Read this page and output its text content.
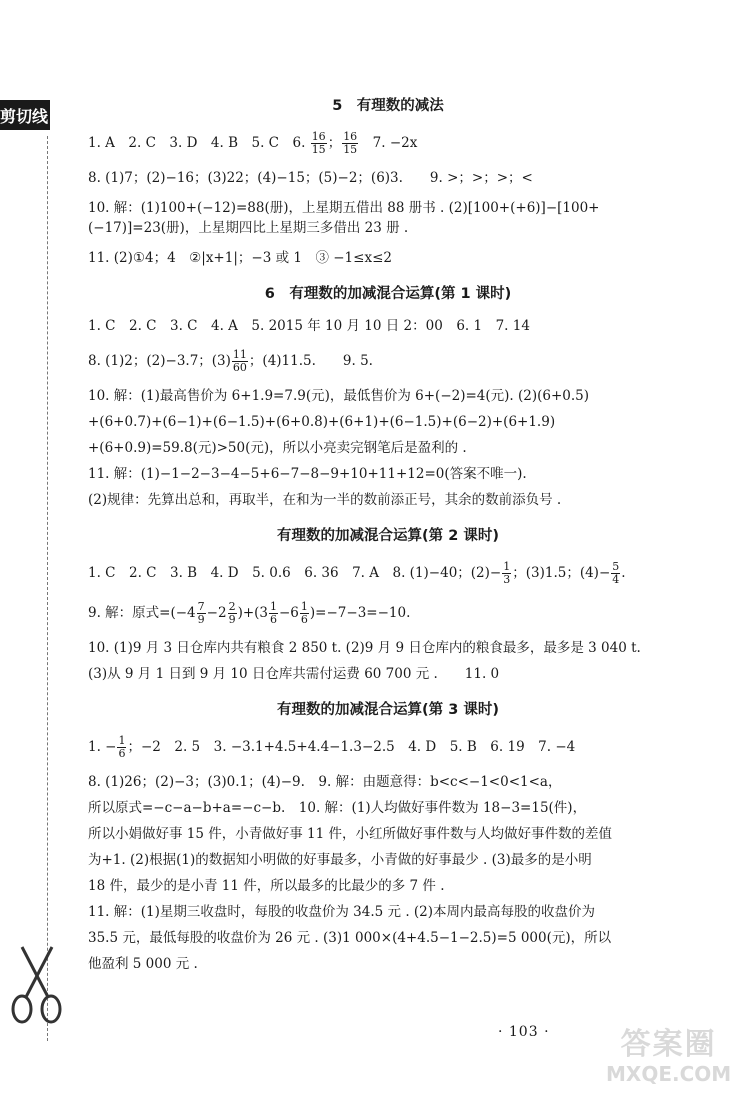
剪切线

5　有理数的减法

1. A　2. C　3. D　4. B　5. C　6. $\frac{16}{15}$ ； $\frac{16}{15}$ 　7. −2x

8. (1)7；(2)−16；(3)22；(4)−15；(5)−2；(6)3.　　9. >；>；>；<

10. 解：(1)100+(−12)=88(册)，上星期五借出 88 册书 . (2)[100+(+6)]−[100+

(−17)]=23(册)，上星期四比上星期三多借出 23 册 .

11. (2)①4；4　②|x+1|；−3 或 1　③ −1≤x≤2

6　有理数的加减混合运算(第 1 课时)

1. C　2. C　3. C　4. A　5. 2015 年 10 月 10 日 2：00　6. 1　7. 14

8. (1)2；(2)−3.7；$(3) \frac{11}{60}$ ；(4)11.5.　　9. 5.

10. 解：(1)最高售价为 6+1.9=7.9(元)，最低售价为 6+(−2)=4(元). (2)(6+0.5)

+(6+0.7)+(6−1)+(6−1.5)+(6+0.8)+(6+1)+(6−1.5)+(6−2)+(6+1.9)

+(6+0.9)=59.8(元)>50(元)，所以小亮卖完钢笔后是盈利的 .

11. 解：(1)−1−2−3−4−5+6−7−8−9+10+11+12=0(答案不唯一).

(2)规律：先算出总和，再取半，在和为一半的数前添正号，其余的数前添负号 .

有理数的加减混合运算(第 2 课时)

1. C　2. C　3. B　4. D　5. 0.6　6. 36　7. A　8. (1)−40；$(2)- \frac{1}{3}$ ；(3)1.5；$(4)- \frac{5}{4}$ .

9. 解：原式$=(-4 \frac{7}{9} -2 \frac{2}{9} )+(3 \frac{1}{6} -6 \frac{1}{6} )=-7-3=-10$.

10. (1)9 月 3 日仓库内共有粮食 2 850 t. (2)9 月 9 日仓库内的粮食最多，最多是 3 040 t.

(3)从 9 月 1 日到 9 月 10 日仓库共需付运费 60 700 元 .　　11. 0

有理数的加减混合运算(第 3 课时)

1. − $\frac{1}{6}$ ；−2　2. 5　3. −3.1+4.5+4.4−1.3−2.5　4. D　5. B　6. 19　7. −4

8. (1)26；(2)−3；(3)0.1；(4)−9.　9. 解：由题意得：b<c<−1<0<1<a，

所以原式=−c−a−b+a=−c−b.　10. 解：(1)人均做好事件数为 18−3=15(件)，

所以小娟做好事 15 件，小青做好事 11 件，小红所做好事件数与人均做好事件数的差值

为+1. (2)根据(1)的数据知小明做的好事最多，小青做的好事最少 . (3)最多的是小明

18 件，最少的是小青 11 件，所以最多的比最少的多 7 件 .

11. 解：(1)星期三收盘时，每股的收盘价为 34.5 元 . (2)本周内最高每股的收盘价为

35.5 元，最低每股的收盘价为 26 元 . (3)1 000×(4+4.5−1−2.5)=5 000(元)，所以

他盈利 5 000 元 .

· 103 ·	答案圈
MXQE.COM
